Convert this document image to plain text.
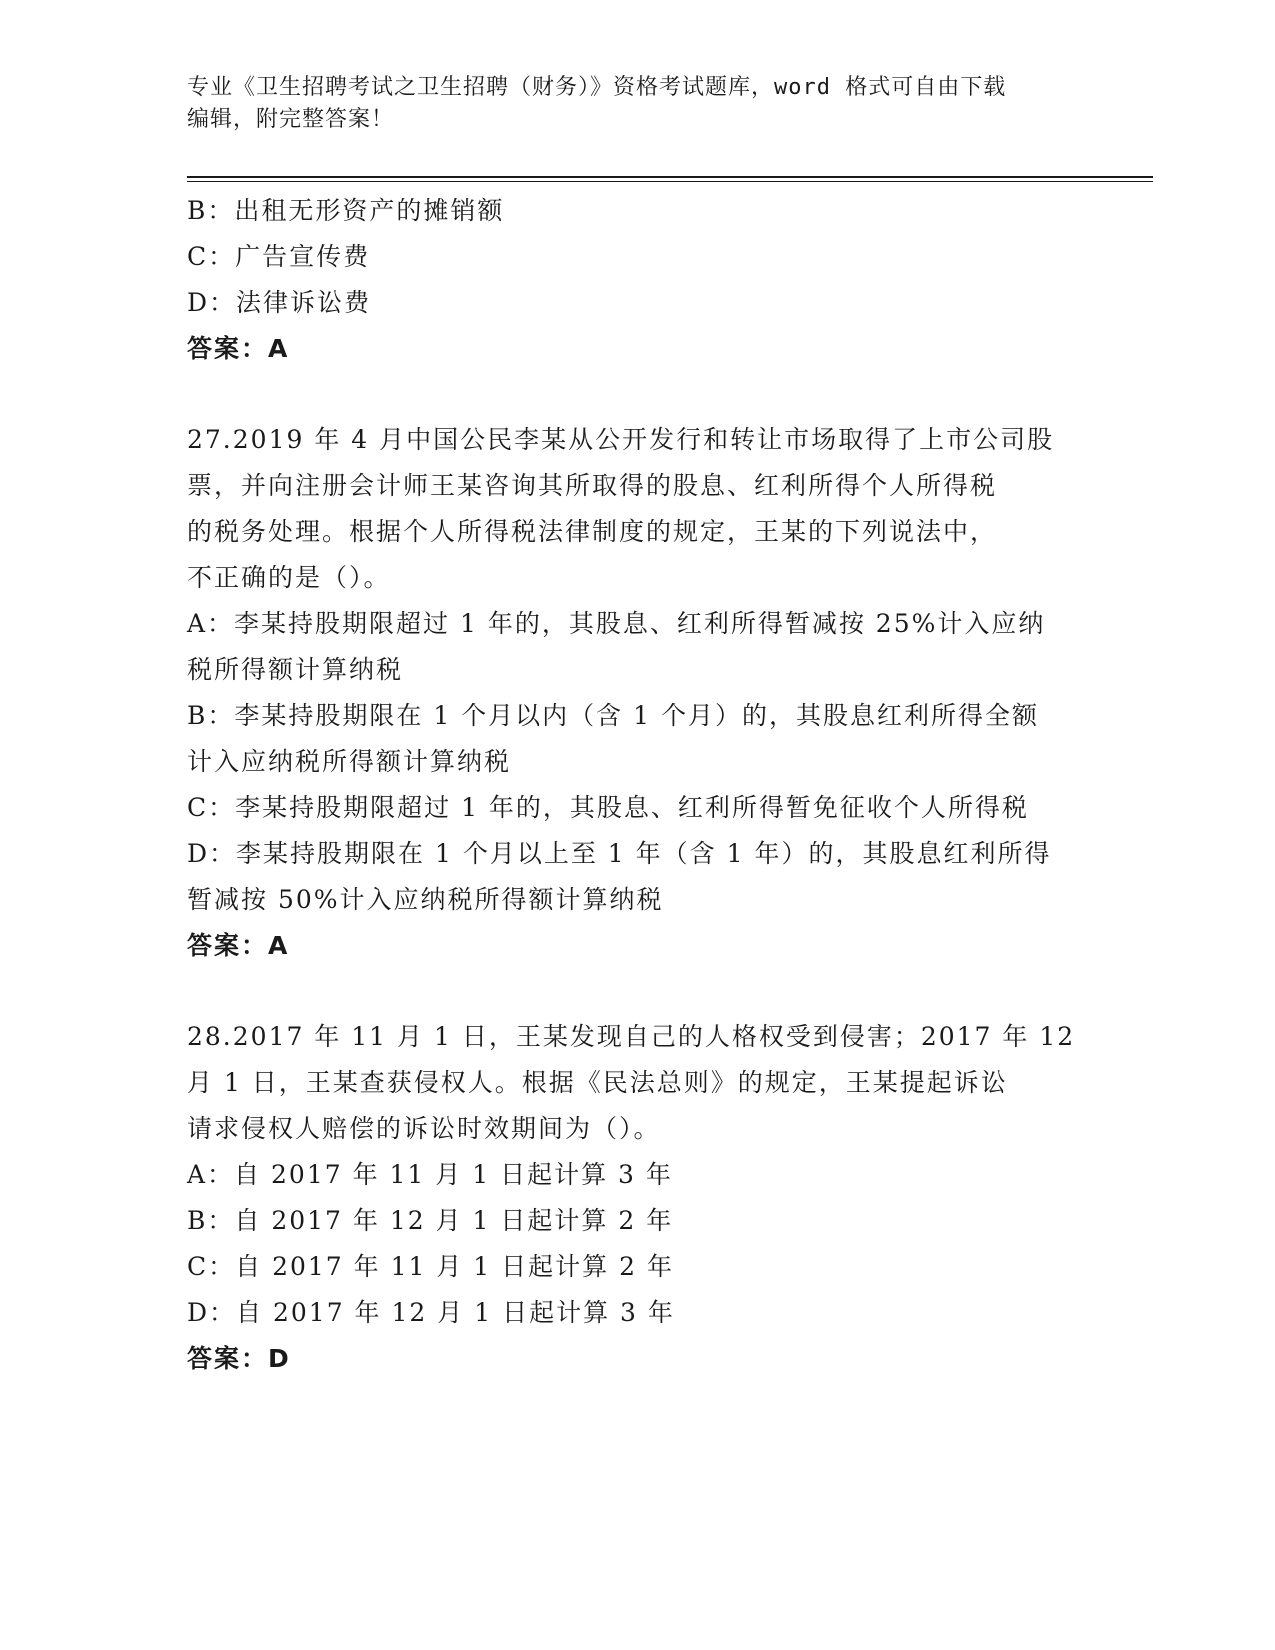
专业《卫生招聘考试之卫生招聘（财务）》资格考试题库，word 格式可自由下载
编辑，附完整答案！
B：出租无形资产的摊销额
C：广告宣传费
D：法律诉讼费
答案：A
27.2019 年 4 月中国公民李某从公开发行和转让市场取得了上市公司股
票，并向注册会计师王某咨询其所取得的股息、红利所得个人所得税
的税务处理。根据个人所得税法律制度的规定，王某的下列说法中，
不正确的是（）。
A：李某持股期限超过 1 年的，其股息、红利所得暂减按 25%计入应纳
税所得额计算纳税
B：李某持股期限在 1 个月以内（含 1 个月）的，其股息红利所得全额
计入应纳税所得额计算纳税
C：李某持股期限超过 1 年的，其股息、红利所得暂免征收个人所得税
D：李某持股期限在 1 个月以上至 1 年（含 1 年）的，其股息红利所得
暂减按 50%计入应纳税所得额计算纳税
答案：A
28.2017 年 11 月 1 日，王某发现自己的人格权受到侵害；2017 年 12
月 1 日，王某查获侵权人。根据《民法总则》的规定，王某提起诉讼
请求侵权人赔偿的诉讼时效期间为（）。
A：自 2017 年 11 月 1 日起计算 3 年
B：自 2017 年 12 月 1 日起计算 2 年
C：自 2017 年 11 月 1 日起计算 2 年
D：自 2017 年 12 月 1 日起计算 3 年
答案：D
